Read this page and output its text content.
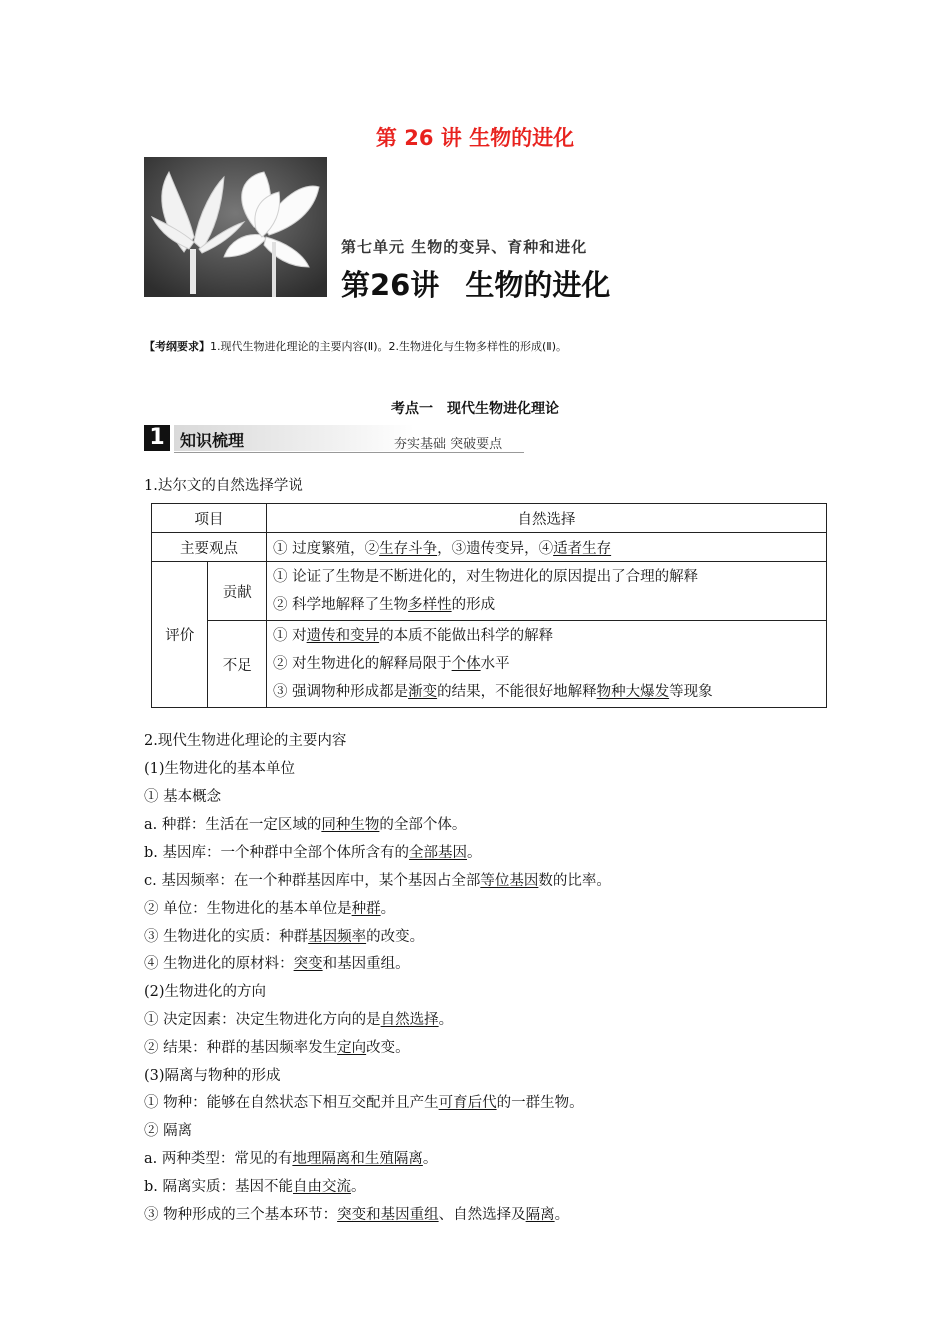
第 26 讲 生物的进化
第七单元 生物的变异、育种和进化
第26讲 生物的进化
【考纲要求】1.现代生物进化理论的主要内容(Ⅱ)。2.生物进化与生物多样性的形成(Ⅱ)。
考点一　现代生物进化理论
1 知识梳理	夯实基础 突破要点
1.达尔文的自然选择学说
项目		自然选择
主要观点		① 过度繁殖，②生存斗争，③遗传变异，④适者生存
评价	贡献	① 论证了生物是不断进化的，对生物进化的原因提出了合理的解释
② 科学地解释了生物多样性的形成

	不足	① 对遗传和变异的本质不能做出科学的解释
② 对生物进化的解释局限于个体水平
③ 强调物种形成都是渐变的结果，不能很好地解释物种大爆发等现象
2.现代生物进化理论的主要内容
(1)生物进化的基本单位
① 基本概念
a. 种群：生活在一定区域的同种生物的全部个体。
b. 基因库：一个种群中全部个体所含有的全部基因。
c. 基因频率：在一个种群基因库中，某个基因占全部等位基因数的比率。
② 单位：生物进化的基本单位是种群。
③ 生物进化的实质：种群基因频率的改变。
④ 生物进化的原材料：突变和基因重组。
(2)生物进化的方向
① 决定因素：决定生物进化方向的是自然选择。
② 结果：种群的基因频率发生定向改变。
(3)隔离与物种的形成
① 物种：能够在自然状态下相互交配并且产生可育后代的一群生物。
② 隔离
a. 两种类型：常见的有地理隔离和生殖隔离。
b. 隔离实质：基因不能自由交流。
③ 物种形成的三个基本环节：突变和基因重组、自然选择及隔离。
